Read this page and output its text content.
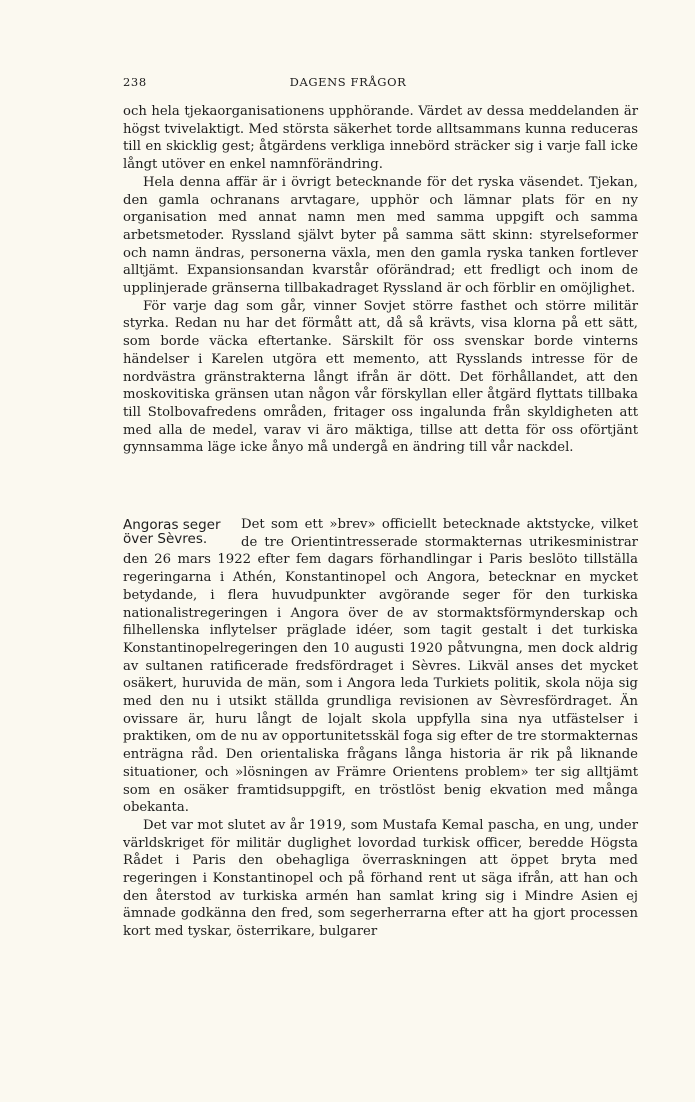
238	DAGENS FRÅGOR

och hela tjekaorganisationens upphörande. Värdet av dessa meddelanden är högst tvivelaktigt. Med största säkerhet torde alltsammans kunna reduceras till en skicklig gest; åtgärdens verkliga innebörd sträcker sig i varje fall icke långt utöver en enkel namnförändring.

Hela denna affär är i övrigt betecknande för det ryska väsendet. Tjekan, den gamla ochranans arvtagare, upphör och lämnar plats för en ny organisation med annat namn men med samma uppgift och samma arbetsmetoder. Ryssland självt byter på samma sätt skinn: styrelseformer och namn ändras, personerna växla, men den gamla ryska tanken fortlever alltjämt. Expansionsandan kvarstår oförändrad; ett fredligt och inom de upplinjerade gränserna tillbakadraget Ryssland är och förblir en omöjlighet.

För varje dag som går, vinner Sovjet större fasthet och större militär styrka. Redan nu har det förmått att, då så krävts, visa klorna på ett sätt, som borde väcka eftertanke. Särskilt för oss svenskar borde vinterns händelser i Karelen utgöra ett memento, att Rysslands intresse för de nordvästra gränstrakterna långt ifrån är dött. Det förhållandet, att den moskovitiska gränsen utan någon vår förskyllan eller åtgärd flyttats tillbaka till Stolbovafredens områden, fritager oss ingalunda från skyldigheten att med alla de medel, varav vi äro mäktiga, tillse att detta för oss oförtjänt gynnsamma läge icke ånyo må undergå en ändring till vår nackdel.

Angoras seger
över Sèvres.

Det som ett »brev» officiellt betecknade aktstycke, vilket de tre Orientintresserade stormakternas utrikesministrar den 26 mars 1922 efter fem dagars förhandlingar i Paris beslöto tillställa regeringarna i Athén, Konstantinopel och Angora, betecknar en mycket betydande, i flera huvudpunkter avgörande seger för den turkiska nationalistregeringen i Angora över de av stormaktsförmynderskap och filhellenska inflytelser präglade idéer, som tagit gestalt i det turkiska Konstantinopelregeringen den 10 augusti 1920 påtvungna, men dock aldrig av sultanen ratificerade fredsfördraget i Sèvres. Likväl anses det mycket osäkert, huruvida de män, som i Angora leda Turkiets politik, skola nöja sig med den nu i utsikt ställda grundliga revisionen av Sèvresfördraget. Än ovissare är, huru långt de lojalt skola uppfylla sina nya utfästelser i praktiken, om de nu av opportunitetsskäl foga sig efter de tre stormakternas enträgna råd. Den orientaliska frågans långa historia är rik på liknande situationer, och »lösningen av Främre Orientens problem» ter sig alltjämt som en osäker framtidsuppgift, en tröstlöst benig ekvation med många obekanta.

Det var mot slutet av år 1919, som Mustafa Kemal pascha, en ung, under världskriget för militär duglighet lovordad turkisk officer, beredde Högsta Rådet i Paris den obehagliga överraskningen att öppet bryta med regeringen i Konstantinopel och på förhand rent ut säga ifrån, att han och den återstod av turkiska armén han samlat kring sig i Mindre Asien ej ämnade godkänna den fred, som segerherrarna efter att ha gjort processen kort med tyskar, österrikare, bulgarer
